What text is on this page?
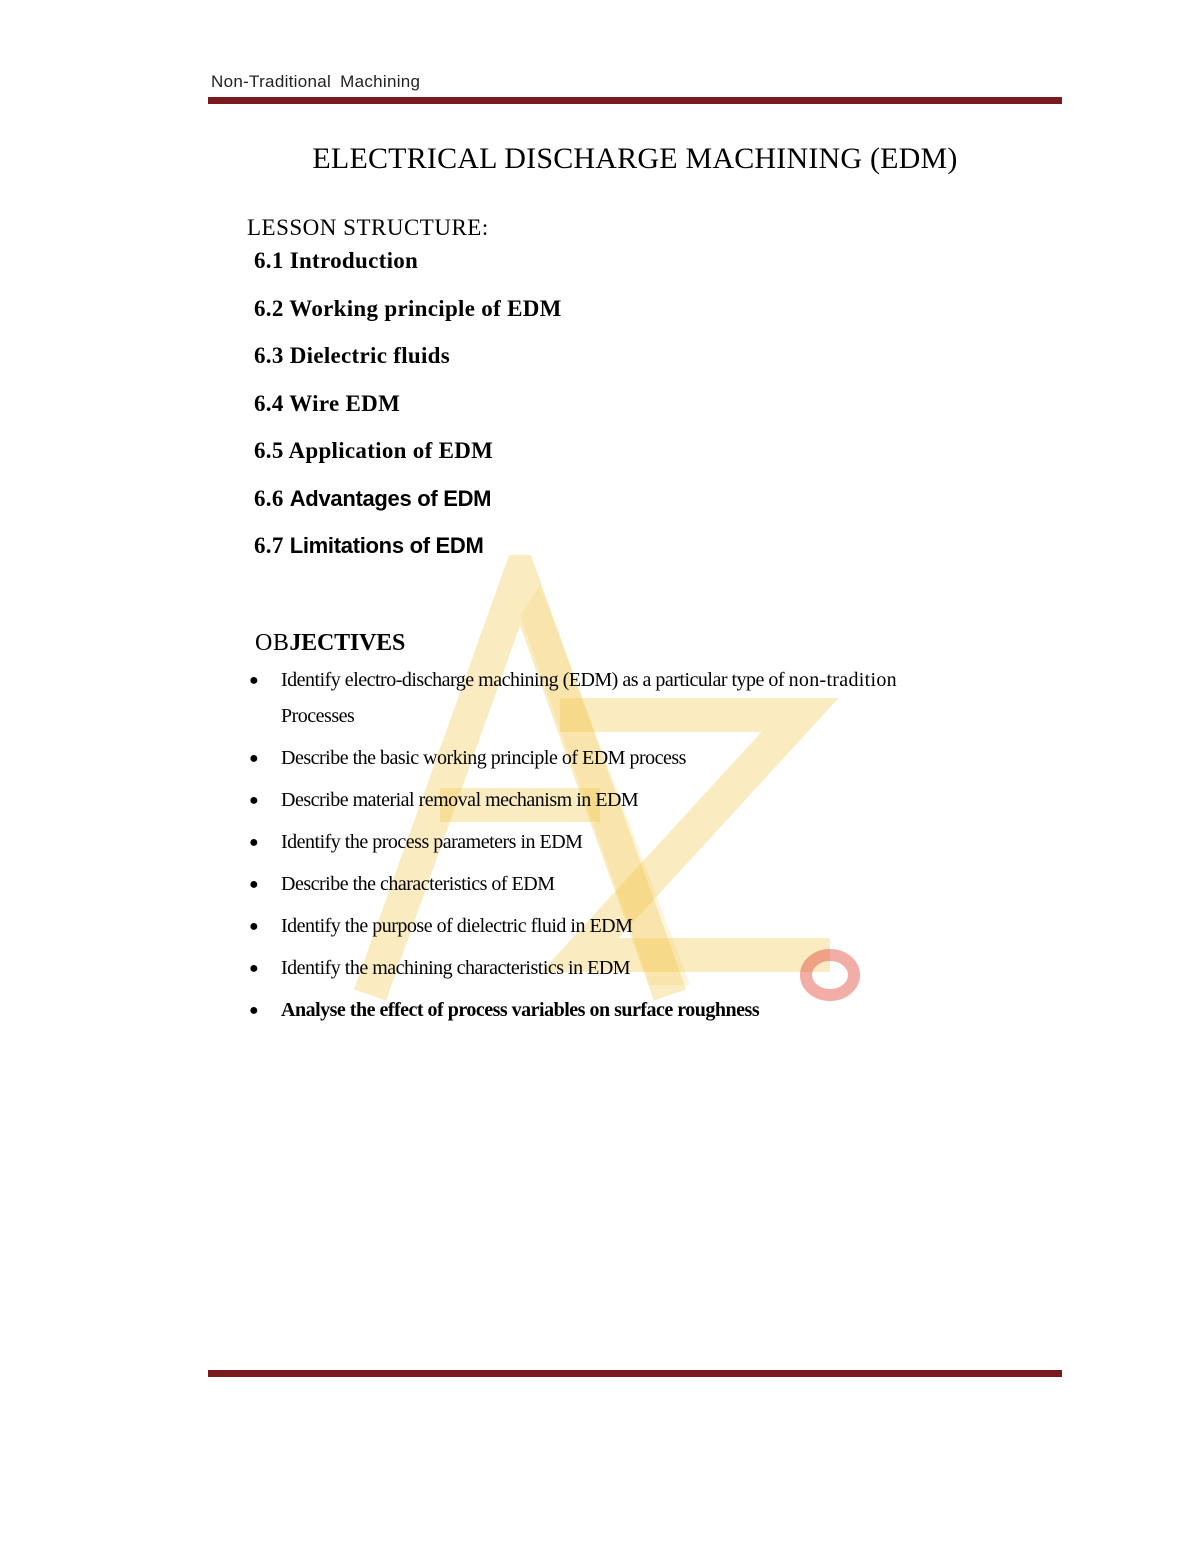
Non-Traditional Machining
ELECTRICAL DISCHARGE MACHINING (EDM)
LESSON STRUCTURE:
6.1 Introduction
6.2 Working principle of EDM
6.3 Dielectric fluids
6.4 Wire EDM
6.5 Application of EDM
6.6 Advantages of EDM
6.7 Limitations of EDM
OBJECTIVES
● Identify electro-discharge machining (EDM) as a particular type of non-tradition
Processes
● Describe the basic working principle of EDM process
● Describe material removal mechanism in EDM
● Identify the process parameters in EDM
● Describe the characteristics of EDM
● Identify the purpose of dielectric fluid in EDM
● Identify the machining characteristics in EDM
● Analyse the effect of process variables on surface roughness
